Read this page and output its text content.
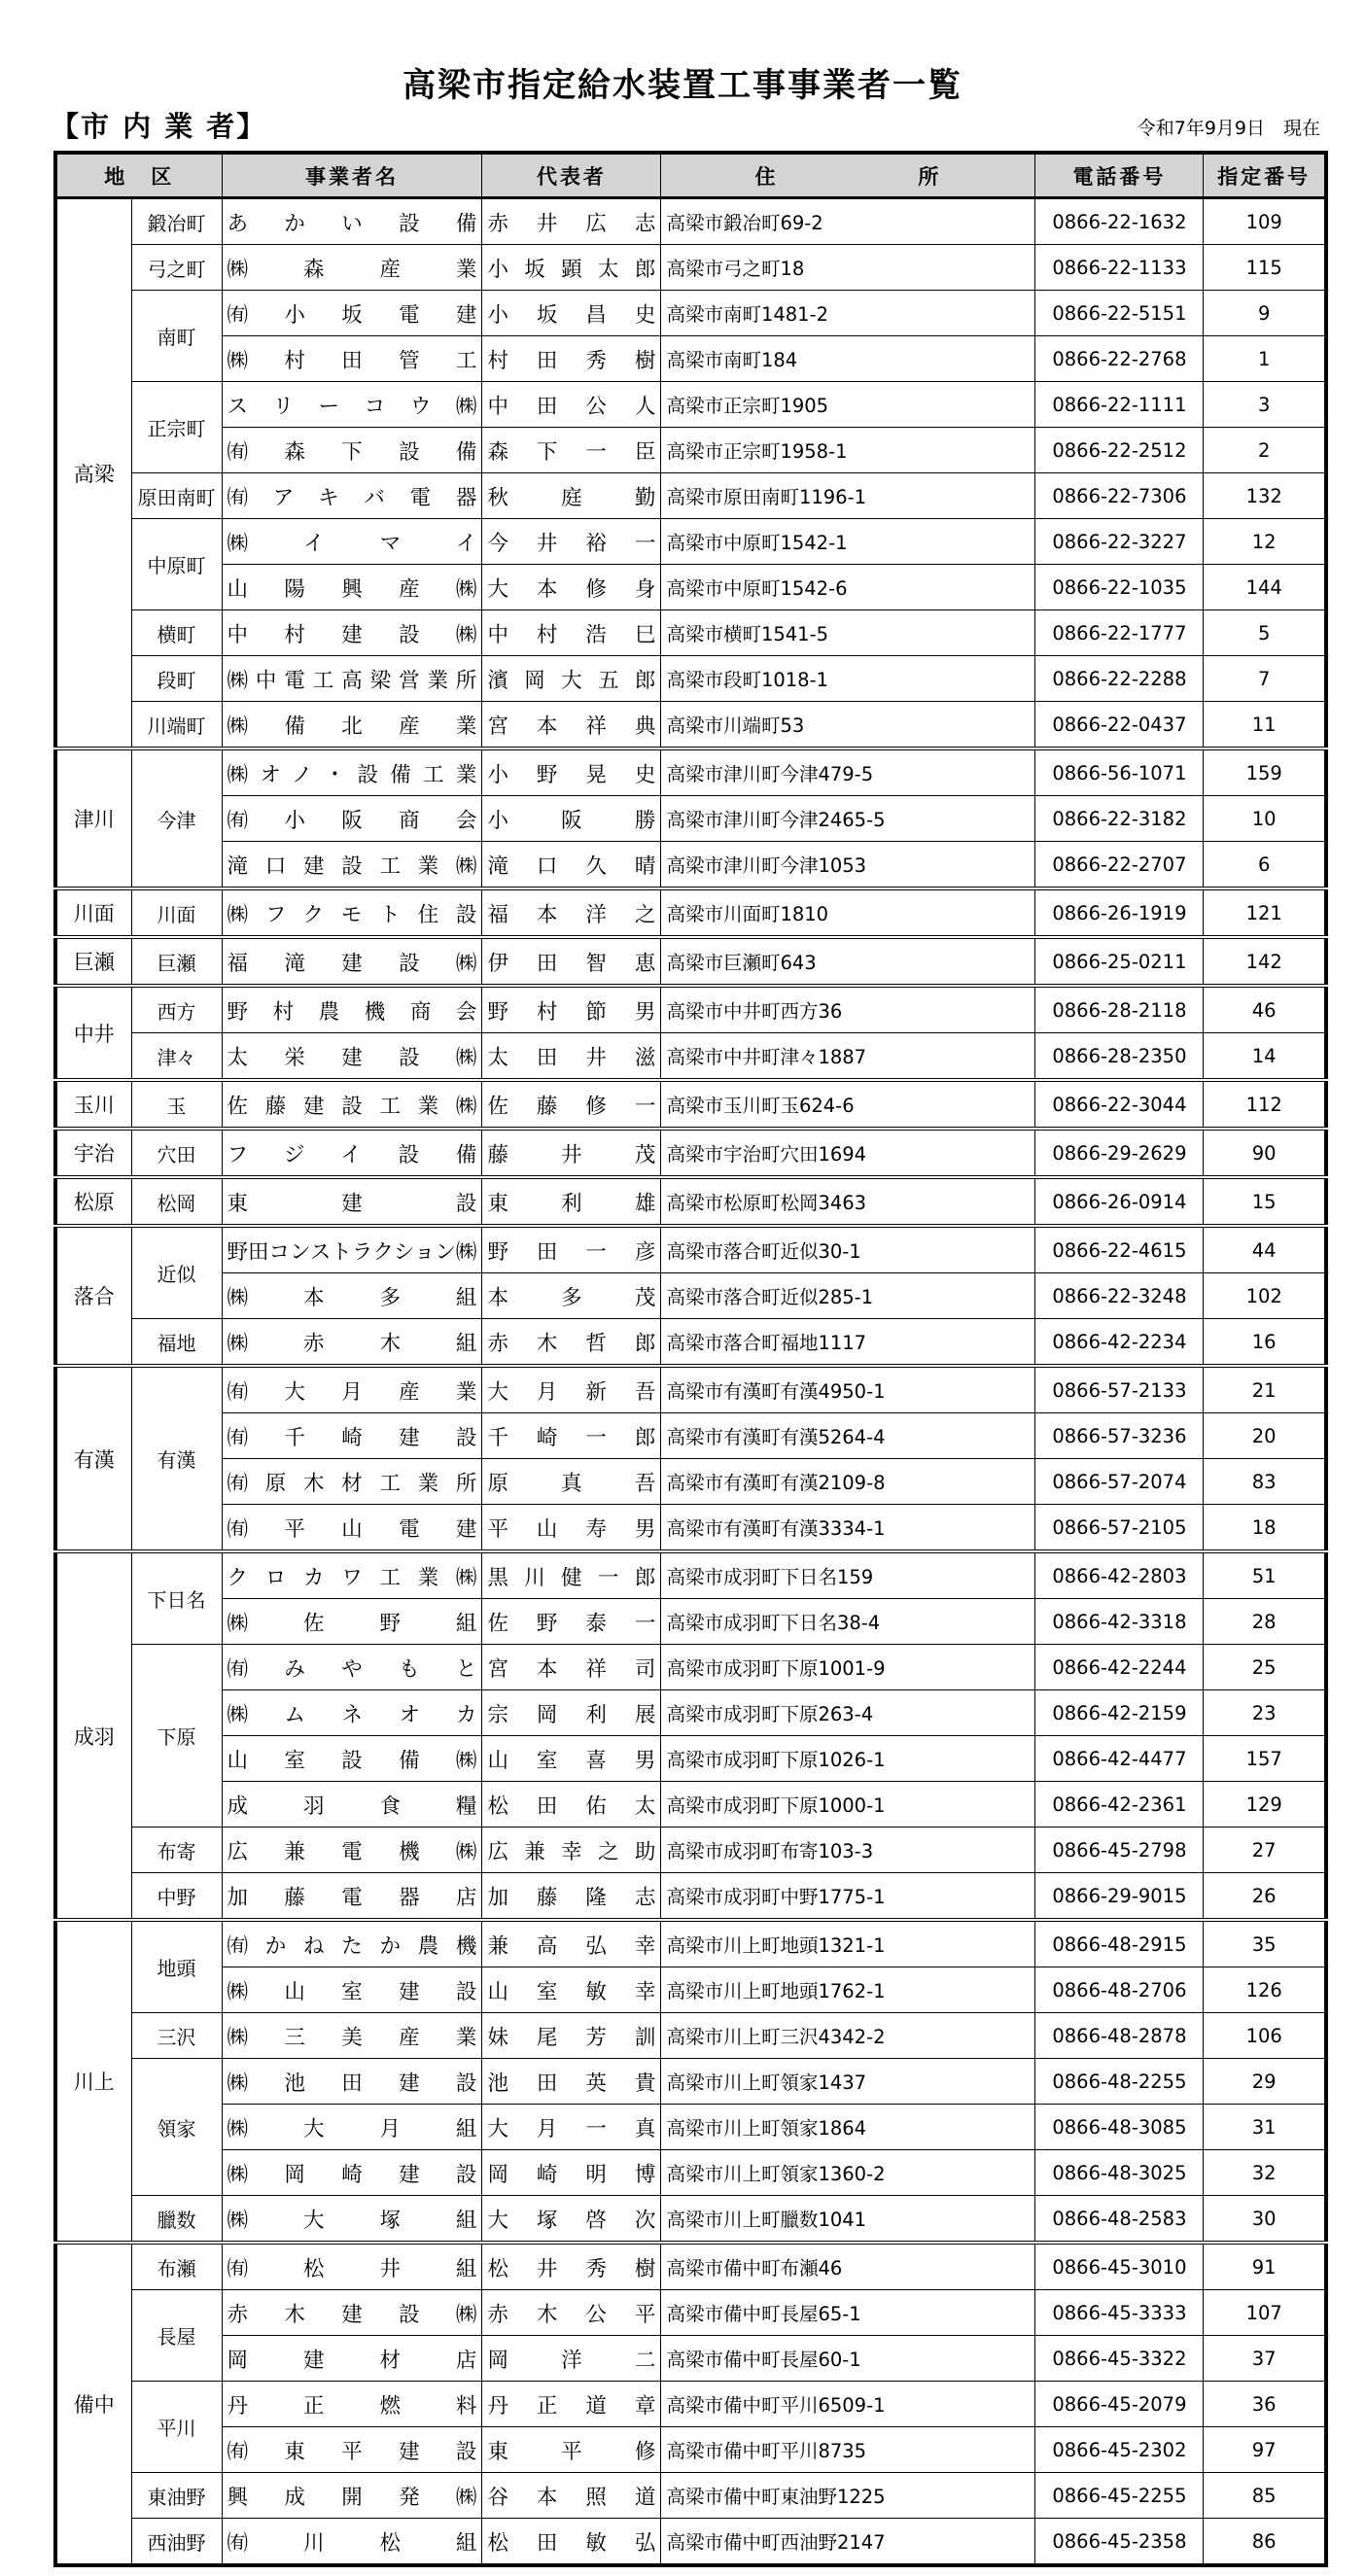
高梁市指定給水装置工事事業者一覧
【市 内 業 者】	令和7年9月9日　現在
地　区		事業者名	代表者	住　　　　　　所	電話番号	指定番号
高梁	鍛冶町	あかい設備	赤井広志	高梁市鍛冶町69-2	0866-22-1632	109
	弓之町	㈱森産業	小坂顕太郎	高梁市弓之町18	0866-22-1133	115
	南町	㈲小坂電建	小坂昌史	高梁市南町1481-2	0866-22-5151	9
		㈱村田管工	村田秀樹	高梁市南町184	0866-22-2768	1
	正宗町	スリーコウ㈱	中田公人	高梁市正宗町1905	0866-22-1111	3
		㈲森下設備	森下一臣	高梁市正宗町1958-1	0866-22-2512	2
	原田南町	㈲アキバ電器	秋庭勤	高梁市原田南町1196-1	0866-22-7306	132
	中原町	㈱イマイ	今井裕一	高梁市中原町1542-1	0866-22-3227	12
		山陽興産㈱	大本修身	高梁市中原町1542-6	0866-22-1035	144
	横町	中村建設㈱	中村浩巳	高梁市横町1541-5	0866-22-1777	5
	段町	㈱中電工高梁営業所	濱岡大五郎	高梁市段町1018-1	0866-22-2288	7
	川端町	㈱備北産業	宮本祥典	高梁市川端町53	0866-22-0437	11
津川	今津	㈱オノ・設備工業	小野晃史	高梁市津川町今津479-5	0866-56-1071	159
		㈲小阪商会	小阪勝	高梁市津川町今津2465-5	0866-22-3182	10
		滝口建設工業㈱	滝口久晴	高梁市津川町今津1053	0866-22-2707	6
川面	川面	㈱フクモト住設	福本洋之	高梁市川面町1810	0866-26-1919	121
巨瀬	巨瀬	福滝建設㈱	伊田智恵	高梁市巨瀬町643	0866-25-0211	142
中井	西方	野村農機商会	野村節男	高梁市中井町西方36	0866-28-2118	46
	津々	太栄建設㈱	太田井滋	高梁市中井町津々1887	0866-28-2350	14
玉川	玉	佐藤建設工業㈱	佐藤修一	高梁市玉川町玉624-6	0866-22-3044	112
宇治	穴田	フジイ設備	藤井茂	高梁市宇治町穴田1694	0866-29-2629	90
松原	松岡	東建設	東利雄	高梁市松原町松岡3463	0866-26-0914	15
落合	近似	野田コンストラクション㈱	野田一彦	高梁市落合町近似30-1	0866-22-4615	44
		㈱本多組	本多茂	高梁市落合町近似285-1	0866-22-3248	102
	福地	㈱赤木組	赤木哲郎	高梁市落合町福地1117	0866-42-2234	16
有漢	有漢	㈲大月産業	大月新吾	高梁市有漢町有漢4950-1	0866-57-2133	21
		㈲千崎建設	千崎一郎	高梁市有漢町有漢5264-4	0866-57-3236	20
		㈲原木材工業所	原真吾	高梁市有漢町有漢2109-8	0866-57-2074	83
		㈲平山電建	平山寿男	高梁市有漢町有漢3334-1	0866-57-2105	18
成羽	下日名	クロカワ工業㈱	黒川健一郎	高梁市成羽町下日名159	0866-42-2803	51
		㈱佐野組	佐野泰一	高梁市成羽町下日名38-4	0866-42-3318	28
	下原	㈲みやもと	宮本祥司	高梁市成羽町下原1001-9	0866-42-2244	25
		㈱ムネオカ	宗岡利展	高梁市成羽町下原263-4	0866-42-2159	23
		山室設備㈱	山室喜男	高梁市成羽町下原1026-1	0866-42-4477	157
		成羽食糧	松田佑太	高梁市成羽町下原1000-1	0866-42-2361	129
	布寄	広兼電機㈱	広兼幸之助	高梁市成羽町布寄103-3	0866-45-2798	27
	中野	加藤電器店	加藤隆志	高梁市成羽町中野1775-1	0866-29-9015	26
川上	地頭	㈲かねたか農機	兼高弘幸	高梁市川上町地頭1321-1	0866-48-2915	35
		㈱山室建設	山室敏幸	高梁市川上町地頭1762-1	0866-48-2706	126
	三沢	㈱三美産業	妹尾芳訓	高梁市川上町三沢4342-2	0866-48-2878	106
	領家	㈱池田建設	池田英貴	高梁市川上町領家1437	0866-48-2255	29
		㈱大月組	大月一真	高梁市川上町領家1864	0866-48-3085	31
		㈱岡崎建設	岡崎明博	高梁市川上町領家1360-2	0866-48-3025	32
	臘数	㈱大塚組	大塚啓次	高梁市川上町臘数1041	0866-48-2583	30
備中	布瀬	㈲松井組	松井秀樹	高梁市備中町布瀬46	0866-45-3010	91
	長屋	赤木建設㈱	赤木公平	高梁市備中町長屋65-1	0866-45-3333	107
		岡建材店	岡洋二	高梁市備中町長屋60-1	0866-45-3322	37
	平川	丹正燃料	丹正道章	高梁市備中町平川6509-1	0866-45-2079	36
		㈲東平建設	東平修	高梁市備中町平川8735	0866-45-2302	97
	東油野	興成開発㈱	谷本照道	高梁市備中町東油野1225	0866-45-2255	85
	西油野	㈲川松組	松田敏弘	高梁市備中町西油野2147	0866-45-2358	86
